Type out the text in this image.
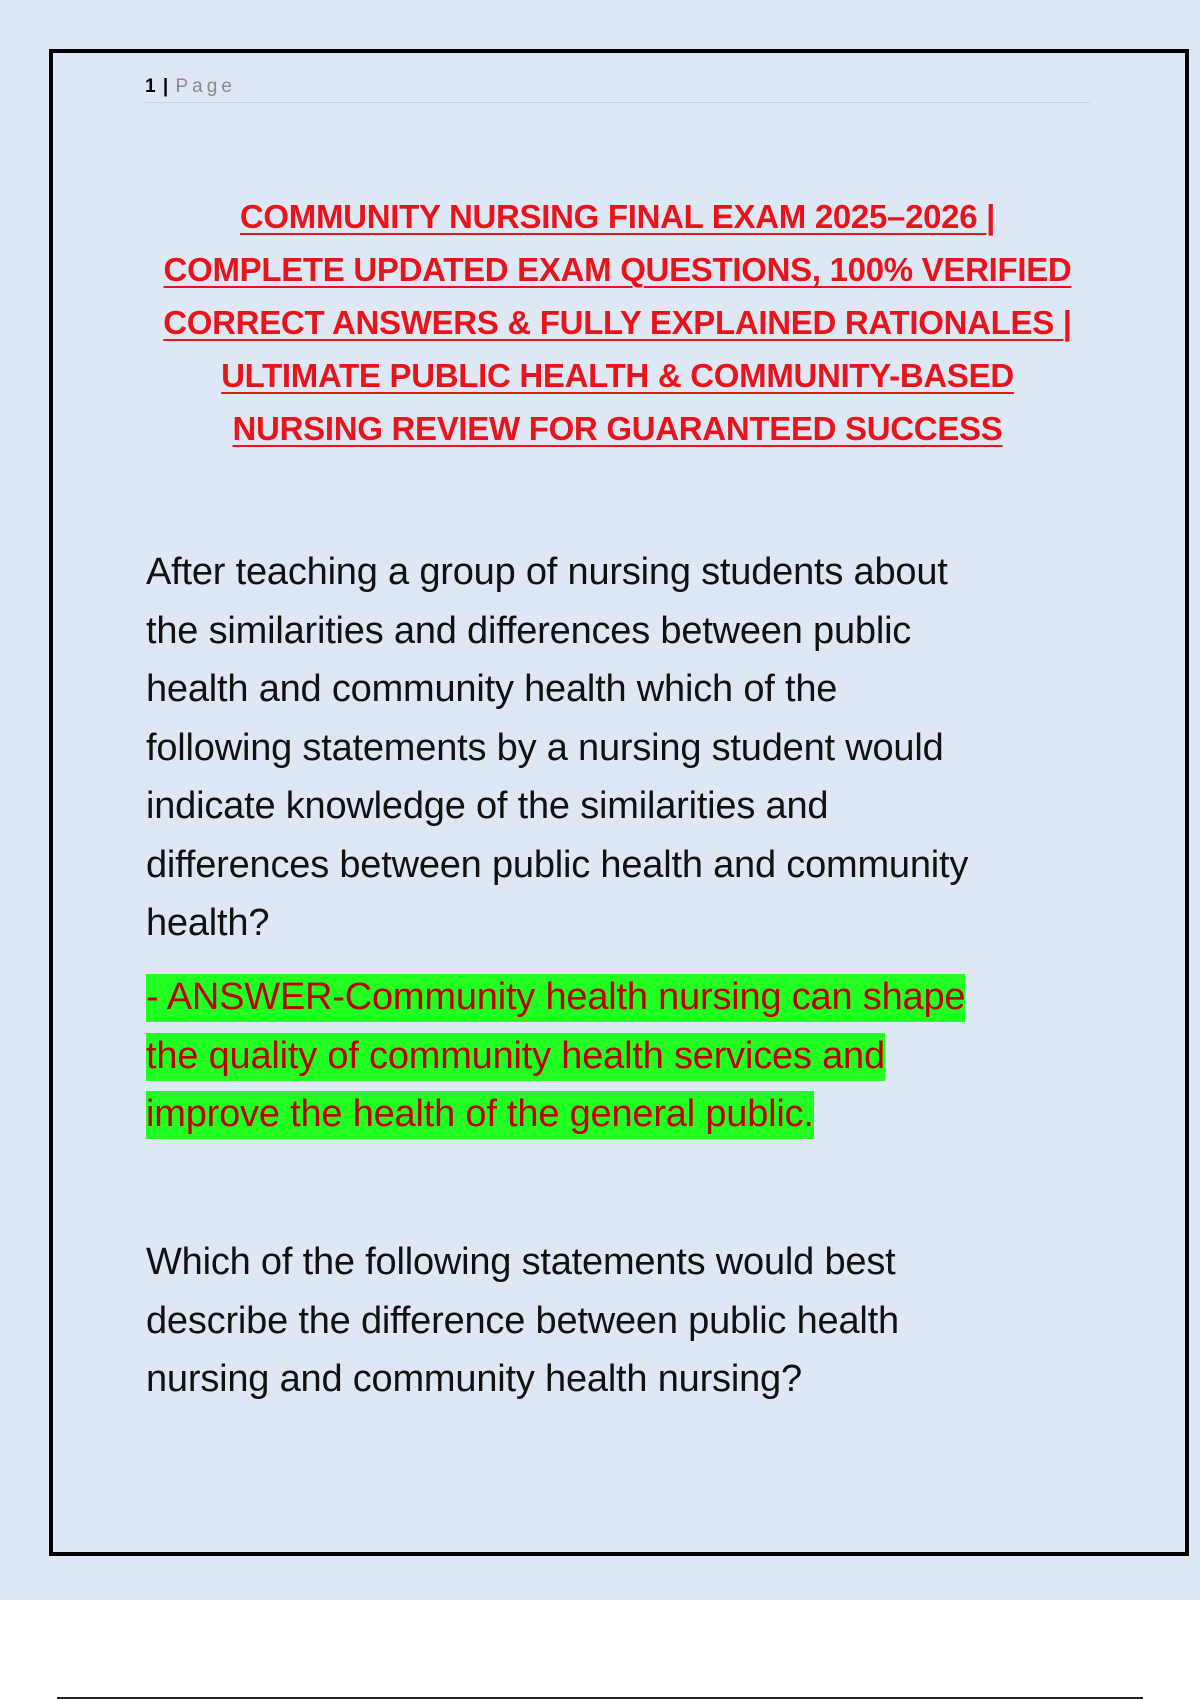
1 | Page
COMMUNITY NURSING FINAL EXAM 2025–2026 |
COMPLETE UPDATED EXAM QUESTIONS, 100% VERIFIED
CORRECT ANSWERS & FULLY EXPLAINED RATIONALES |
ULTIMATE PUBLIC HEALTH & COMMUNITY-BASED
NURSING REVIEW FOR GUARANTEED SUCCESS
After teaching a group of nursing students about
the similarities and differences between public
health and community health which of the
following statements by a nursing student would
indicate knowledge of the similarities and
differences between public health and community
health?
- ANSWER-Community health nursing can shape
the quality of community health services and
improve the health of the general public.
Which of the following statements would best
describe the difference between public health
nursing and community health nursing?
